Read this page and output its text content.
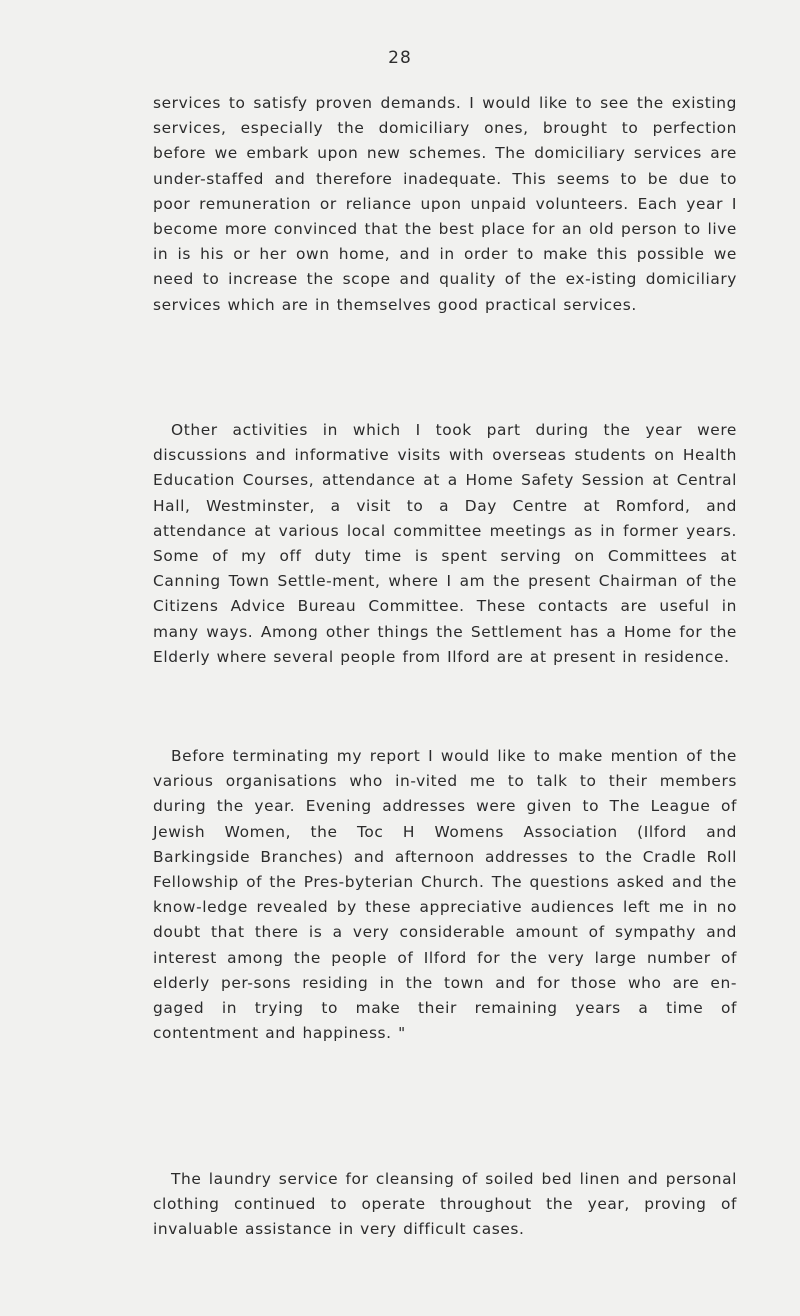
28

services to satisfy proven demands. I would like to see the existing services, especially the domiciliary ones, brought to perfection before we embark upon new schemes. The domiciliary services are under-staffed and therefore inadequate. This seems to be due to poor remuneration or reliance upon unpaid volunteers. Each year I become more convinced that the best place for an old person to live in is his or her own home, and in order to make this possible we need to increase the scope and quality of the ex-isting domiciliary services which are in themselves good practical services.

Other activities in which I took part during the year were discussions and informative visits with overseas students on Health Education Courses, attendance at a Home Safety Session at Central Hall, Westminster, a visit to a Day Centre at Romford, and attendance at various local committee meetings as in former years. Some of my off duty time is spent serving on Committees at Canning Town Settle-ment, where I am the present Chairman of the Citizens Advice Bureau Committee. These contacts are useful in many ways. Among other things the Settlement has a Home for the Elderly where several people from Ilford are at present in residence.

Before terminating my report I would like to make mention of the various organisations who in-vited me to talk to their members during the year. Evening addresses were given to The League of Jewish Women, the Toc H Womens Association (Ilford and Barkingside Branches) and afternoon addresses to the Cradle Roll Fellowship of the Pres-byterian Church. The questions asked and the know-ledge revealed by these appreciative audiences left me in no doubt that there is a very considerable amount of sympathy and interest among the people of Ilford for the very large number of elderly per-sons residing in the town and for those who are en-gaged in trying to make their remaining years a time of contentment and happiness. "

The laundry service for cleansing of soiled bed linen and personal clothing continued to operate throughout the year, proving of invaluable assistance in very difficult cases.
